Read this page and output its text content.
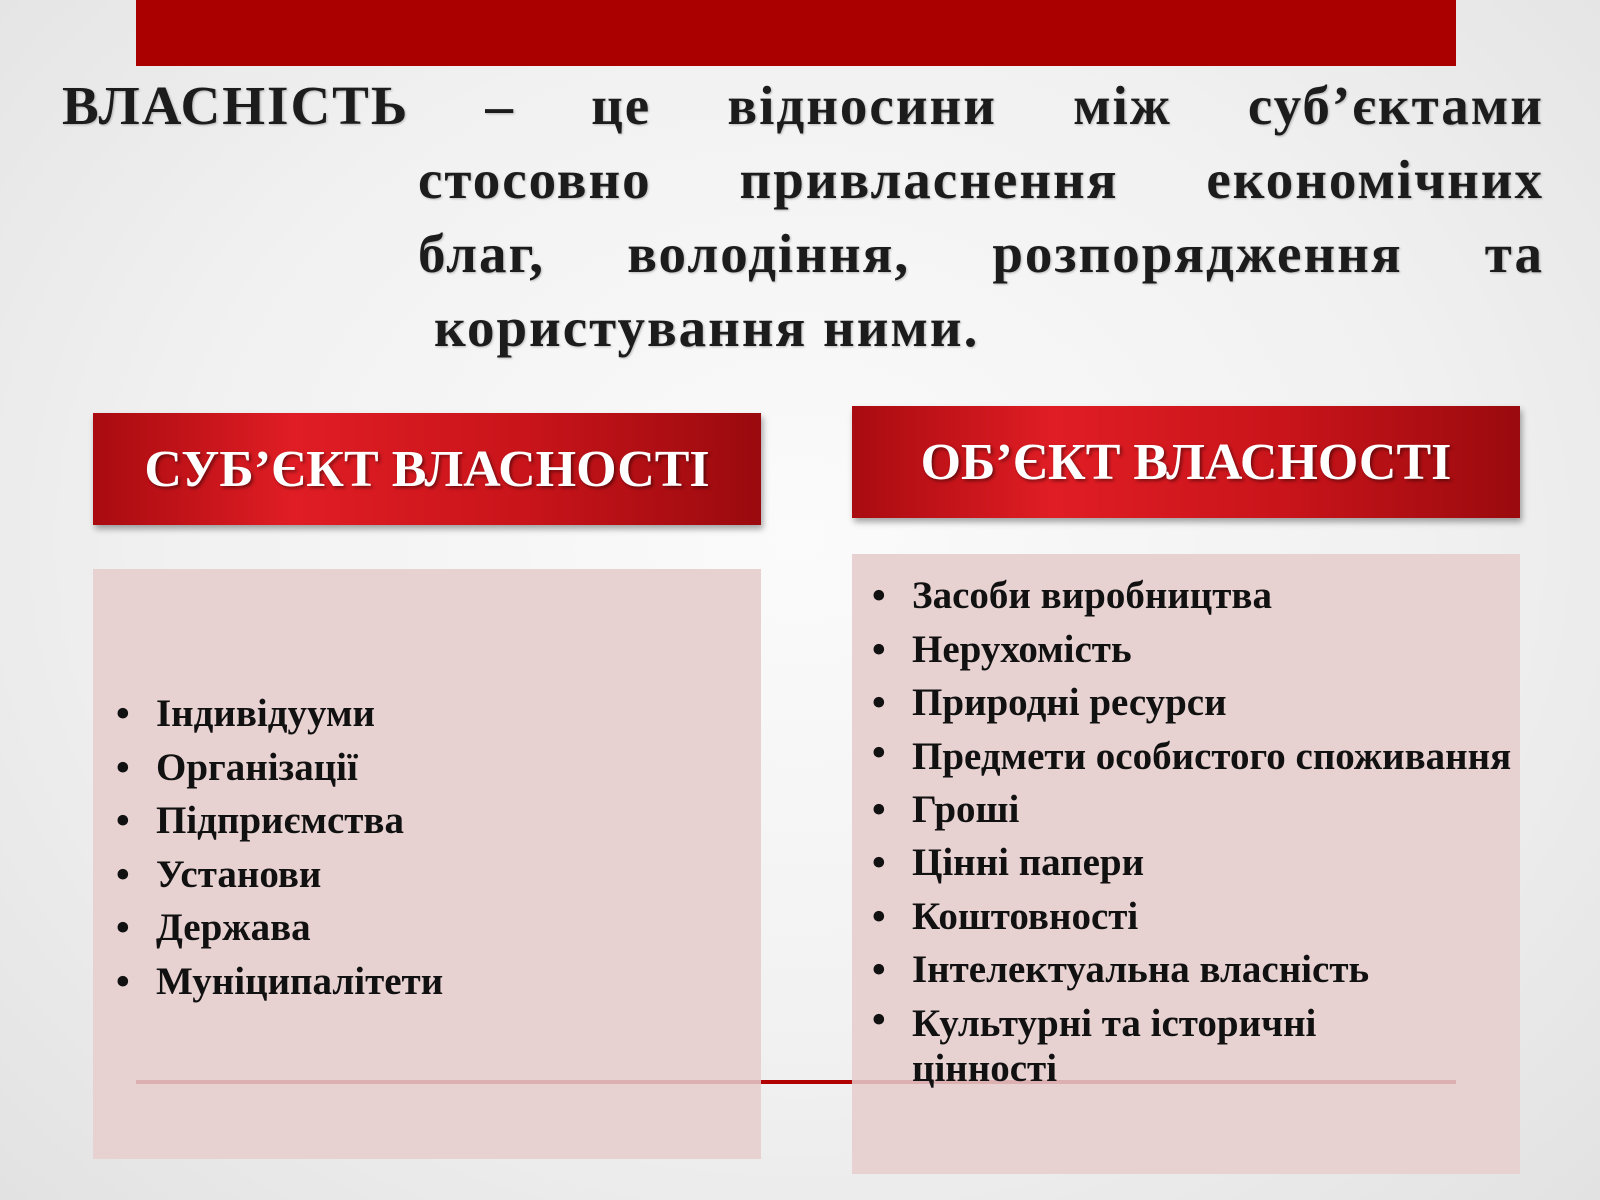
ВЛАСНІСТЬ – це відносини між суб’єктами
стосовно привласнення економічних
благ, володіння, розпорядження та
користування ними.
СУБ’ЄКТ ВЛАСНОСТІ	ОБ’ЄКТ ВЛАСНОСТІ
• Індивідууми
• Організації
• Підприємства
• Установи
• Держава
• Муніципалітети
• Засоби виробництва
• Нерухомість
• Природні ресурси
• Предмети особистого споживання
• Гроші
• Цінні папери
• Коштовності
• Інтелектуальна власність
• Культурні та історичні цінності
